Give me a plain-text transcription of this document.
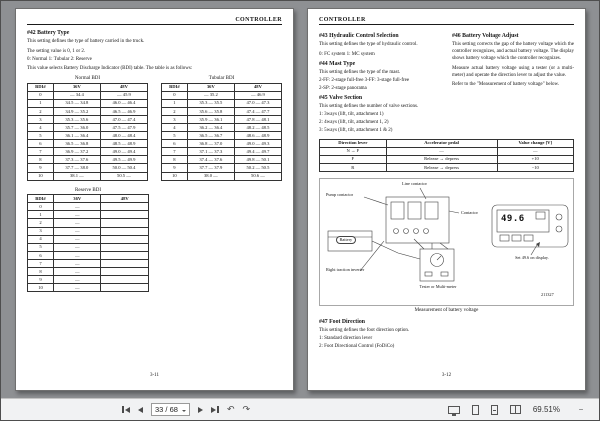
CONTROLLER
#42 Battery Type

This setting defines the type of battery carried in the truck.

The setting value is 0, 1 or 2.

0: Normal 1: Tubular 2: Reserve

This value selects Battery Discharge Indicator (BDI) table. The table is as follows:

Normal BDI
BDI#	36V	48V
0	— 34.4	— 45.9
1	34.5 — 34.8	46.0 — 46.4
2	34.9 — 35.2	46.5 — 46.9
3	35.3 — 35.6	47.0 — 47.4
4	35.7 — 36.0	47.5 — 47.9
5	36.1 — 36.4	48.0 — 48.4
6	36.5 — 36.8	48.5 — 48.9
7	36.9 — 37.2	49.0 — 49.4
8	37.3 — 37.6	49.5 — 49.9
9	37.7 — 38.0	50.0 — 50.4
10	38.1 —	50.5 —
Tubular BDI
BDI#	36V	48V
0	— 35.2	— 46.9
1	35.3 — 35.5	47.0 — 47.3
2	35.6 — 35.8	47.4 — 47.7
3	35.9 — 36.1	47.8 — 48.1
4	36.2 — 36.4	48.2 — 48.5
5	36.5 — 36.7	48.6 — 48.9
6	36.8 — 37.0	49.0 — 49.3
7	37.1 — 37.3	49.4 — 49.7
8	37.4 — 37.6	49.8 — 50.1
9	37.7 — 37.9	50.2 — 50.5
10	38.0 —	50.6 —
Reserve BDI
BDI#	36V	48V
0	—	
1	—	
2	—	
3	—	
4	—	
5	—	
6	—	
7	—	
8	—	
9	—	
10	—	
3-11
CONTROLLER
#43 Hydraulic Control Selection

This setting defines the type of hydraulic control.

0: FC system 1: MC system

#44 Mast Type

This setting defines the type of the mast.

2-FF: 2-stage full-free 3-FF: 3-stage full-free

2-SP: 2-stage panorama

#45 Valve Section

This setting defines the number of valve sections.

1: 3ways (lift, tilt, attachment 1)

2: 4ways (lift, tilt, attachment 1, 2)

3: 5ways (lift, tilt, attachment 1 & 2)

#46 Battery Voltage Adjust

This setting corrects the gap of the battery voltage which the controller recognizes, and actual battery voltage. The display shows battery voltage which the controller recognizes.

Measure actual battery voltage using a tester (or a multi-meter) and operate the direction lever to adjust the value.

Refer to the "Measurement of battery voltage" below.

Direction lever	Accelerator pedal	Value change [V]
N → F	—	—
F	Release → depress	+10
R	Release → depress	−10
Line contactor
Pump contactor
Contactor
Battery
Tester or Multi-meter
Right traction inverter
Set 49.6 on display.
49.6
211327
Measurement of battery voltage
#47 Foot Direction

This setting defines the foot direction option.

1: Standard direction lever

2: Foot Directional Control (FoDiCo)

3-12
33 / 68	↶ ↷	69.51% −
